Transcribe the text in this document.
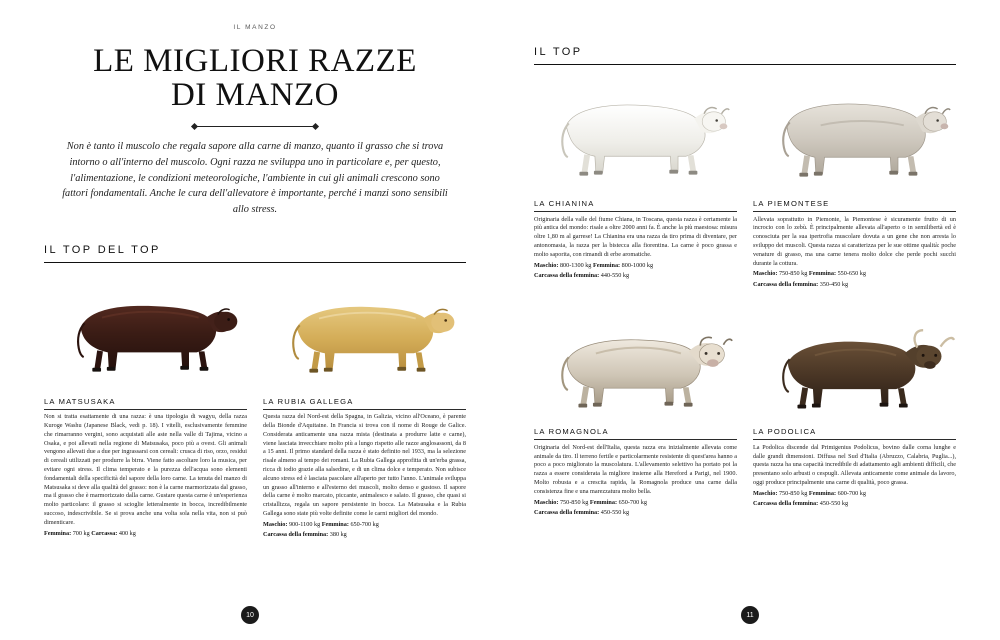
IL MANZO
LE MIGLIORI RAZZE
DI MANZO
Non è tanto il muscolo che regala sapore alla carne di manzo, quanto il grasso che si trova intorno o all'interno del muscolo. Ogni razza ne sviluppa uno in particolare e, per questo, l'alimentazione, le condizioni meteorologiche, l'ambiente in cui gli animali crescono sono fattori fondamentali. Anche le cura dell'allevatore è importante, perché i manzi sono sensibili allo stress.
IL TOP DEL TOP
LA MATSUSAKA
Non si tratta esattamente di una razza: è una tipologia di wagyu, della razza Kuroge Washu (Japanese Black, vedi p. 18). I vitelli, esclusivamente femmine che rimarranno vergini, sono acquistati alle aste nella valle di Tajima, vicino a Osaka, e poi allevati nella regione di Matsusaka, poco più a ovest. Gli animali vengono allevati due a due per ingrassarsi con cereali: crusca di riso, orzo, residui di cereali utilizzati per produrre la birra. Viene fatto ascoltare loro la musica, per evitare ogni stress. Il clima temperato e la purezza dell'acqua sono elementi fondamentali della specificità del sapore della loro carne. La tenuta del manzo di Matsusaka si deve alla qualità del grasso: non è la carne marmorizzata dal grasso, ma il grasso che è marmorizzato dalla carne. Gustare questa carne è un'esperienza molto particolare: il grasso si scioglie letteralmente in bocca, incredibilmente succoso, indescrivibile. Se si prova anche una volta sola nella vita, non si può dimenticare.
Femmina: 700 kg Carcassa: 400 kg
LA RUBIA GALLEGA
Questa razza del Nord-est della Spagna, in Galizia, vicino all'Oceano, è parente della Bionde d'Aquitaine. In Francia si trova con il nome di Rouge de Galice. Considerata anticamente una razza mista (destinata a produrre latte e carne), viene lasciata invecchiare molto più a lungo rispetto alle razze anglosassoni, da 8 a 15 anni. Il primo standard della razza è stato definito nel 1933, ma la selezione risale almeno al tempo dei romani. La Rubia Gallega approfitta di un'erba grassa, ricca di iodio grazie alla salsedine, e di un clima dolce e temperato. Non subisce alcuno stress ed è lasciata pascolare all'aperto per tutto l'anno. L'animale sviluppa un grasso all'interno e all'esterno dei muscoli, molto denso e gustoso. Il sapore della carne è molto marcato, piccante, animalesco e salato. Il grasso, che quasi si cristallizza, regala un sapore persistente in bocca. La Matsusaka e la Rubia Gallega sono state più volte definite come le carni migliori del mondo.
Maschio: 900-1100 kg Femmina: 650-700 kg
Carcassa della femmina: 380 kg
10
IL TOP
LA CHIANINA
Originaria della valle del fiume Chiana, in Toscana, questa razza è certamente la più antica del mondo: risale a oltre 2000 anni fa. È anche la più maestosa: misura oltre 1,80 m al garrese! La Chianina era una razza da tiro prima di diventare, per antonomasia, la razza per la bistecca alla fiorentina. La carne è poco grassa e molto saporita, con rimandi di erbe aromatiche.
Maschio: 800-1300 kg Femmina: 800-1000 kg
Carcassa della femmina: 440-550 kg
LA PIEMONTESE
Allevata soprattutto in Piemonte, la Piemontese è sicuramente frutto di un incrocio con lo zebù. È principalmente allevata all'aperto o in semilibertà ed è conosciuta per la sua ipertrofia muscolare dovuta a un gene che non arresta lo sviluppo dei muscoli. Questa razza si caratterizza per le sue ottime qualità: poche venature di grasso, ma una carne tenera molto dolce che perde pochi succhi durante la cottura.
Maschio: 750-850 kg Femmina: 550-650 kg
Carcassa della femmina: 350-450 kg
LA ROMAGNOLA
Originaria del Nord-est dell'Italia, questa razza era inizialmente allevata come animale da tiro. Il terreno fertile e particolarmente resistente di quest'area hanno a poco a poco migliorato la muscolatura. L'allevamento selettivo ha portato poi la razza a essere considerata la migliore insieme alla Hereford a Parigi, nel 1900. Molto robusta e a crescita rapida, la Romagnola produce una carne dalla consistenza fine e una marezzatura molto bella.
Maschio: 750-850 kg Femmina: 650-700 kg
Carcassa della femmina: 450-550 kg
LA PODOLICA
La Podolica discende dal Primigenius Podolicus, bovino dalle corna lunghe e dalle grandi dimensioni. Diffusa nel Sud d'Italia (Abruzzo, Calabria, Puglia...), questa razza ha una capacità incredibile di adattamento agli ambienti difficili, che presentano solo arbusti o cespugli. Allevata anticamente come animale da lavoro, oggi produce principalmente una carne di qualità, poco grassa.
Maschio: 750-850 kg Femmina: 600-700 kg
Carcassa della femmina: 450-550 kg
11
